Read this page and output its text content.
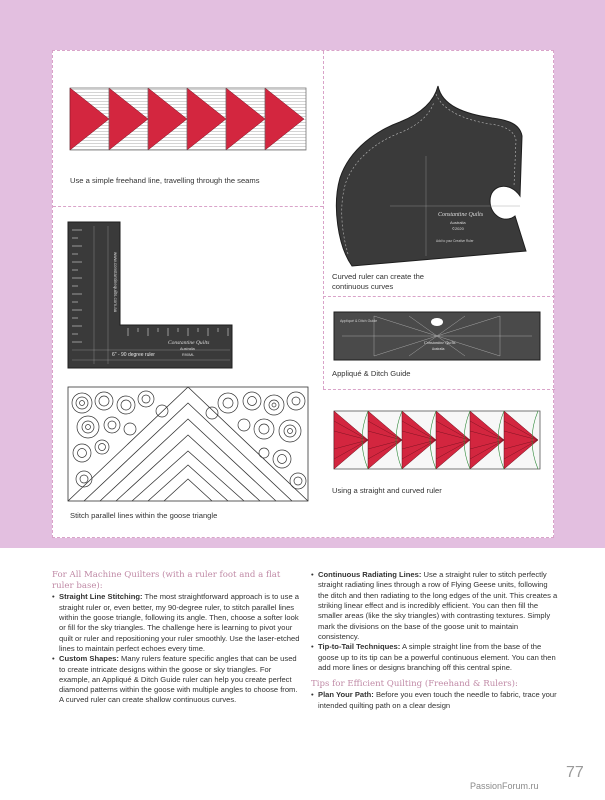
Use a simple freehand line, travelling through the seams
Constantine Quilts
Australia
©2020
Add to your Creative Ruler
Curved ruler can create the
continuous curves
www.constantinequilts.com.au
Constantine Quilts
Australia
R90ML
6" - 90 degree ruler
Appliqué & Ditch Guide
Constantine Quilts
Australia
Appliqué & Ditch Guide
Stitch parallel lines within the goose triangle
Using a straight and curved ruler

For All Machine Quilters (with a ruler foot and a flat ruler base):

• Straight Line Stitching: The most straightforward approach is to use a straight ruler or, even better, my 90-degree ruler, to stitch parallel lines within the goose triangle, following its angle. Then, choose a softer look or fill for the sky triangles. The challenge here is learning to pivot your quilt or ruler and repositioning your ruler smoothly. Use the laser-etched lines to maintain perfect echoes every time.

• Custom Shapes: Many rulers feature specific angles that can be used to create intricate designs within the goose or sky triangles. For example, an Appliqué & Ditch Guide ruler can help you create perfect diamond patterns within the goose with multiple angles to choose from. A curved ruler can create shallow continuous curves.

• Continuous Radiating Lines: Use a straight ruler to stitch perfectly straight radiating lines through a row of Flying Geese units, following the ditch and then radiating to the long edges of the unit. This creates a striking linear effect and is incredibly efficient. You can then fill the smaller areas (like the sky triangles) with contrasting textures. Simply mark the divisions on the base of the goose unit to maintain consistency.

• Tip-to-Tail Techniques: A simple straight line from the base of the goose up to its tip can be a powerful continuous element. You can then add more lines or designs branching off this central spine.

Tips for Efficient Quilting (Freehand & Rulers):

• Plan Your Path: Before you even touch the needle to fabric, trace your intended quilting path on a clear design

77
PassionForum.ru
